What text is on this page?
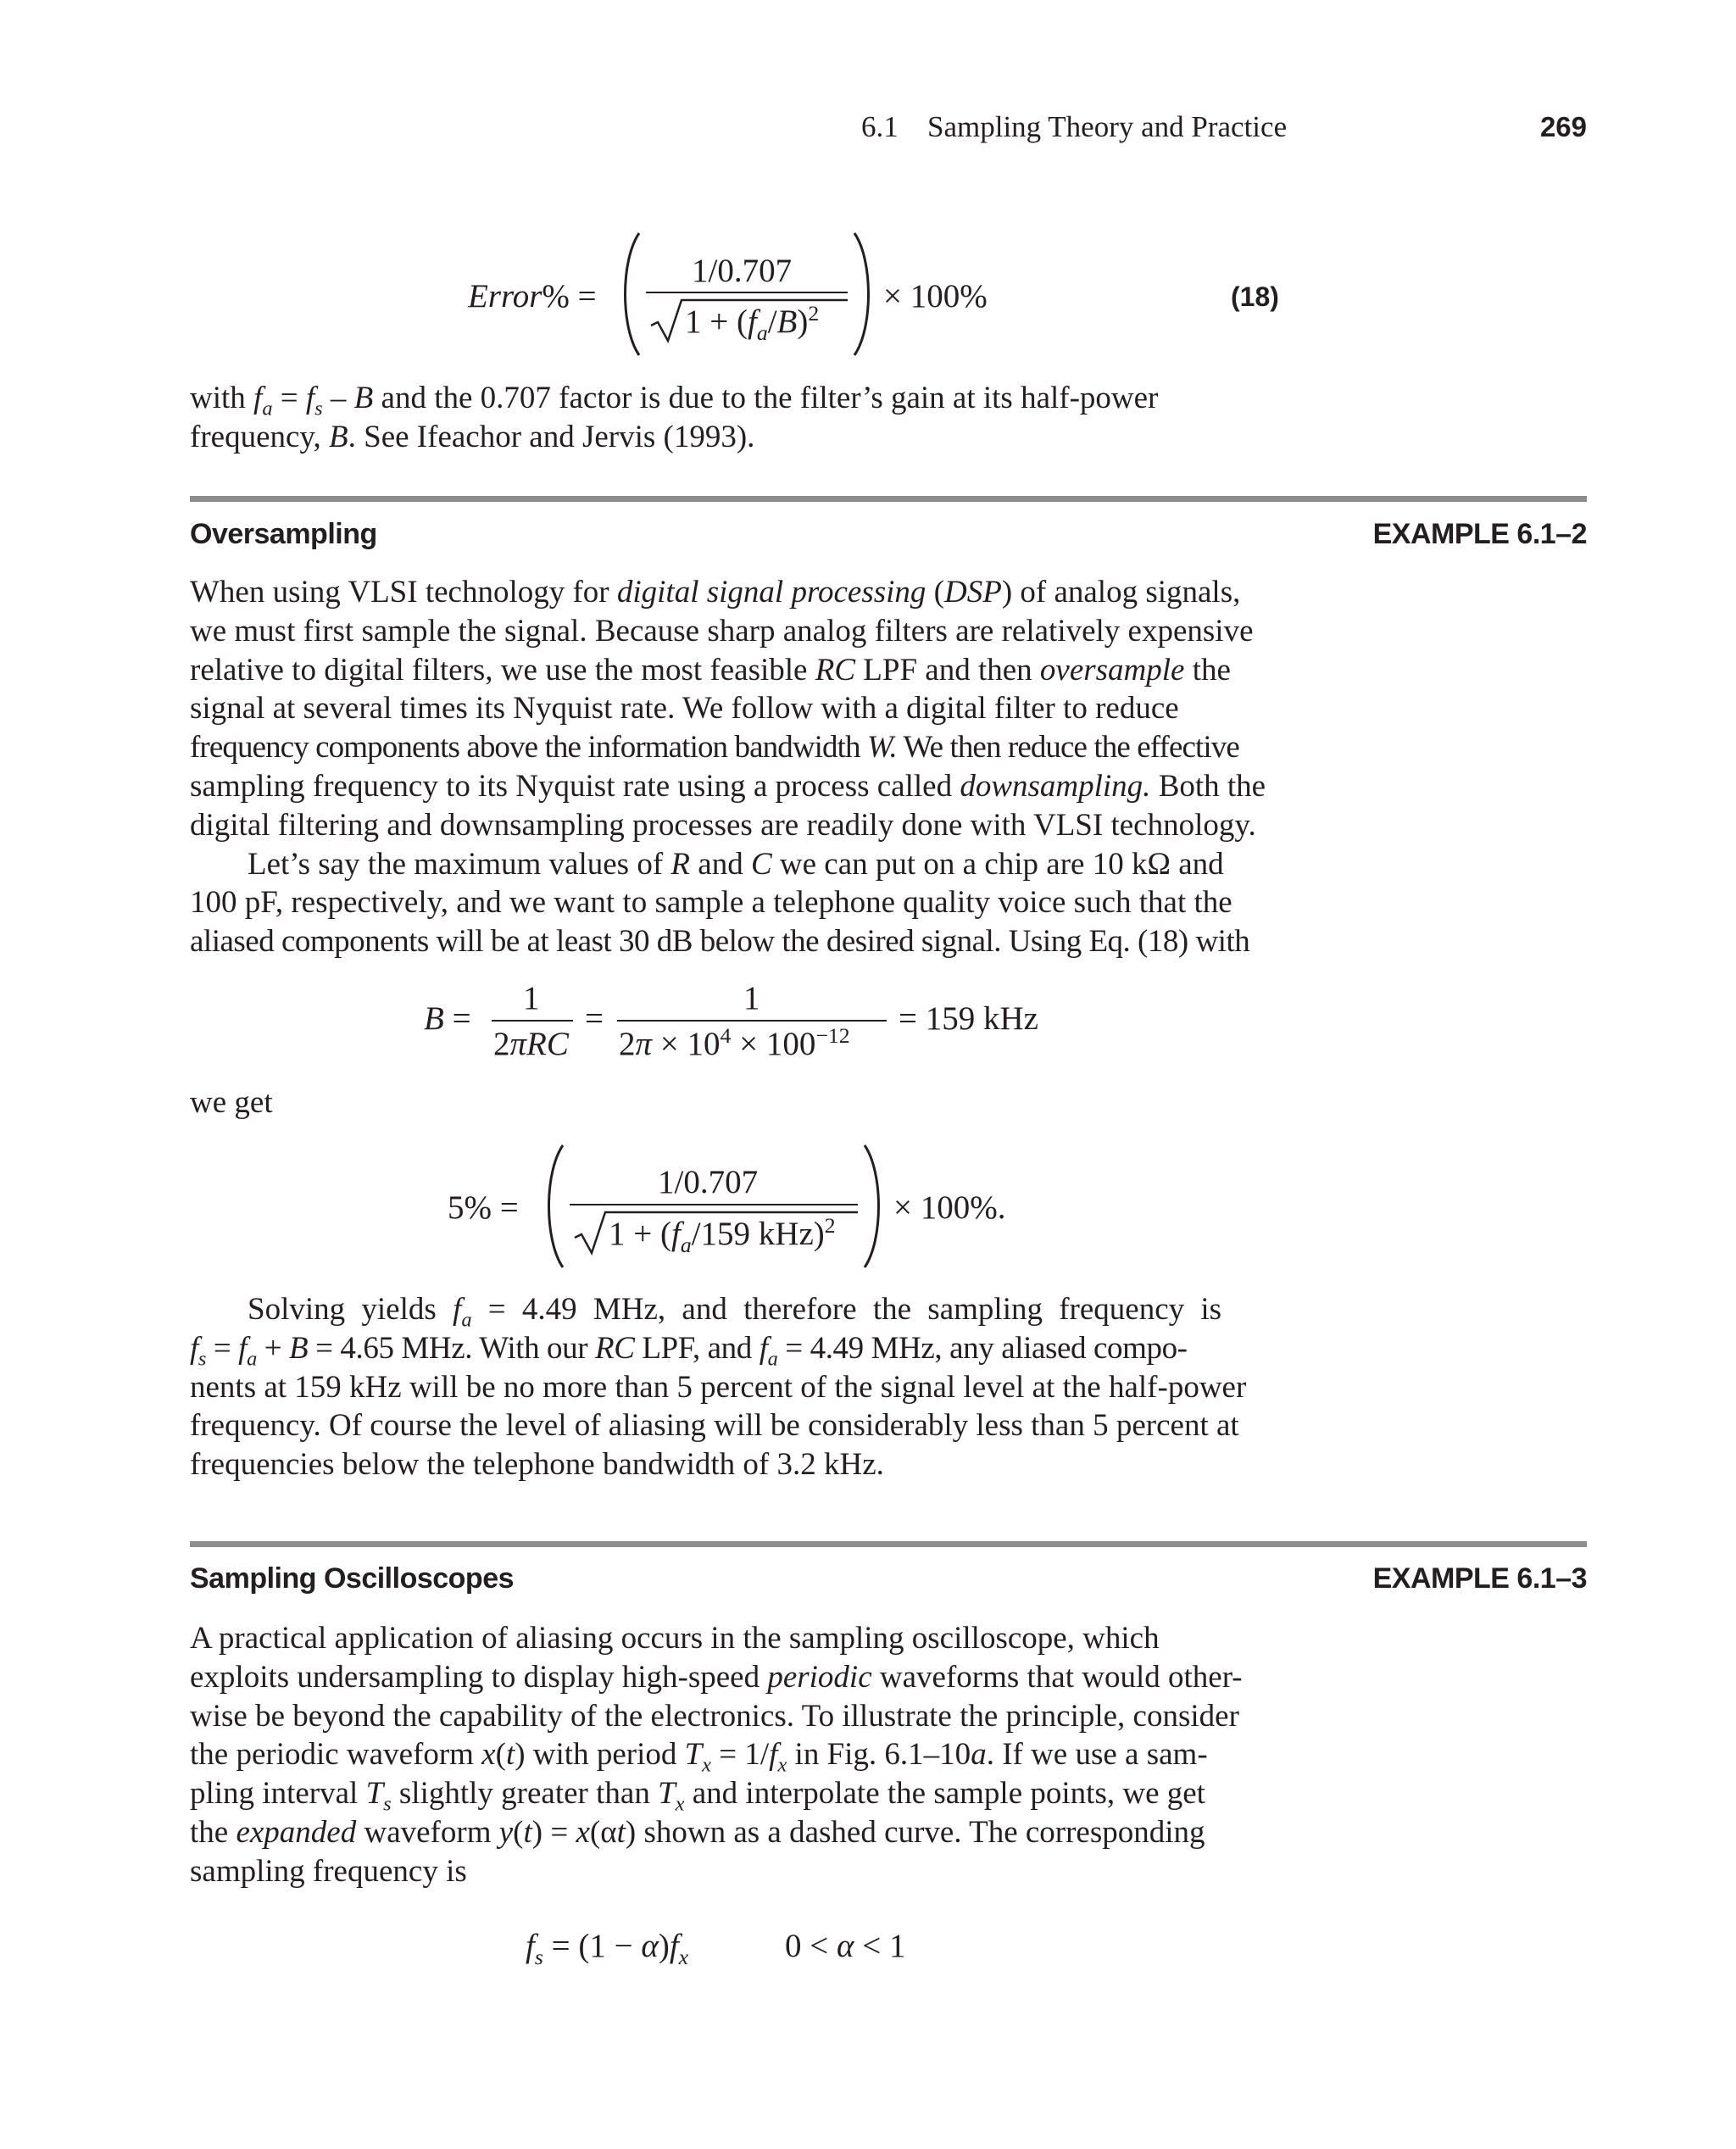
6.1 Sampling Theory and Practice	269
Error% =
1/0.707
$1 + (f_a/B)^2 \times 100\%$	(18)

with $f_a = f_s - B$ and the 0.707 factor is due to the filter’s gain at its half-power
frequency, B. See Ifeachor and Jervis (1993).

Oversampling	EXAMPLE 6.1–2

When using VLSI technology for digital signal processing (DSP) of analog signals,
we must first sample the signal. Because sharp analog filters are relatively expensive
relative to digital filters, we use the most feasible RC LPF and then oversample the
signal at several times its Nyquist rate. We follow with a digital filter to reduce
frequency components above the information bandwidth W. We then reduce the effective
sampling frequency to its Nyquist rate using a process called downsampling. Both the
digital filtering and downsampling processes are readily done with VLSI technology.
Let’s say the maximum values of R and C we can put on a chip are 10 kΩ and
100 pF, respectively, and we want to sample a telephone quality voice such that the
aliased components will be at least 30 dB below the desired signal. Using Eq. (18) with

B =
1
2πRC
=
1
$2\pi \times 10^4 \times 100^{-12} = 159$ kHz

we get

5% =
1/0.707
$1 + (f_a/159$ kHz)$^2$ × 100%.

Solving yields $f_a = 4.49$ MHz, and therefore the sampling frequency is
$f_s = f_a + B = 4.65$ MHz. With our RC LPF, and $f_a = 4.49$ MHz, any aliased compo-
nents at 159 kHz will be no more than 5 percent of the signal level at the half-power
frequency. Of course the level of aliasing will be considerably less than 5 percent at
frequencies below the telephone bandwidth of 3.2 kHz.

Sampling Oscilloscopes	EXAMPLE 6.1–3

A practical application of aliasing occurs in the sampling oscilloscope, which
exploits undersampling to display high-speed periodic waveforms that would other-
wise be beyond the capability of the electronics. To illustrate the principle, consider
the periodic waveform x(t) with period $T_x = 1/f_x$ in Fig. 6.1–10a. If we use a sam-
pling interval $T_s$ slightly greater than $T_x$ and interpolate the sample points, we get
the expanded waveform y(t) = x(αt) shown as a dashed curve. The corresponding
sampling frequency is

$f_s = (1 - \alpha)f_x$	0 < α < 1
